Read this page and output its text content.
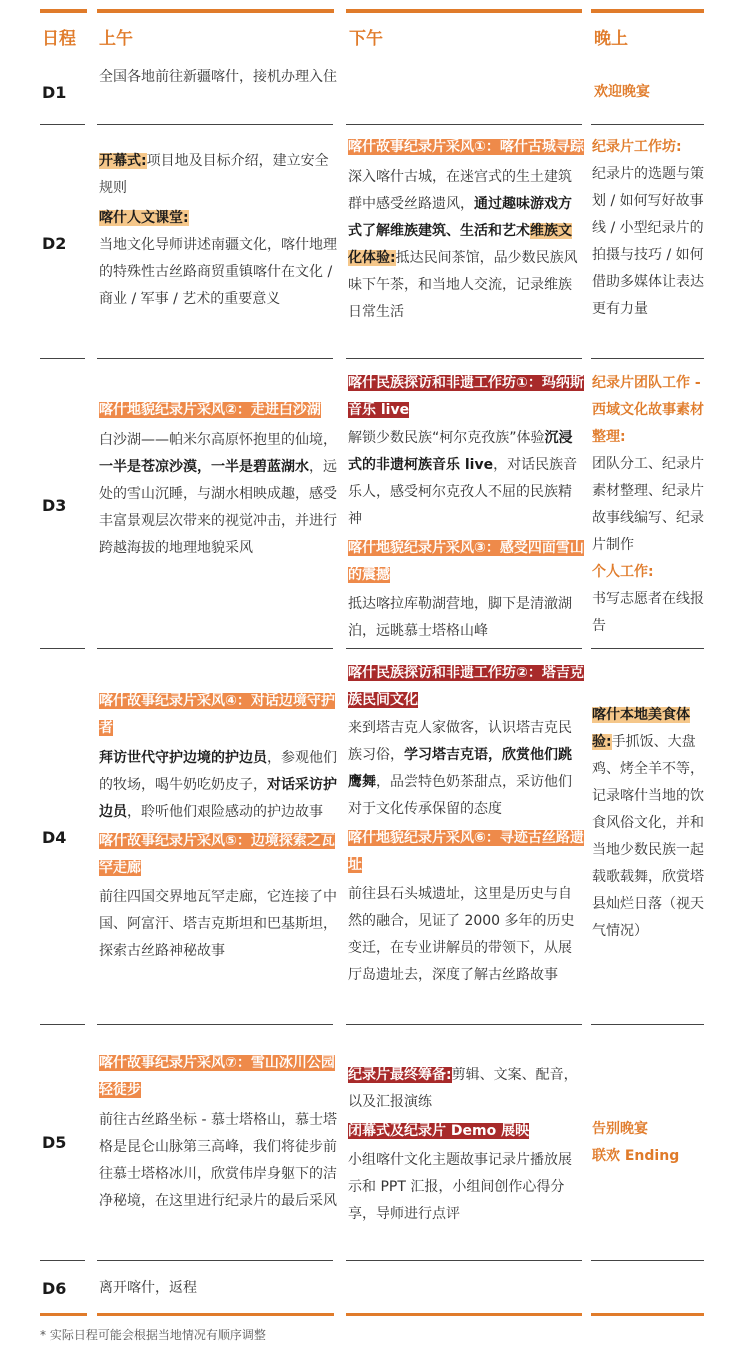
日程 上午	下午	晚上
D1
D2
D3
D4
D5
D6
全国各地前往新疆喀什，接机办理入住
欢迎晚宴

开幕式:项目地及目标介绍，建立安全规则

喀什人文课堂:

当地文化导师讲述南疆文化，喀什地理的特殊性古丝路商贸重镇喀什在文化 / 商业 / 军事 / 艺术的重要意义

喀什故事纪录片采风①：喀什古城寻踪

深入喀什古城，在迷宫式的生土建筑群中感受丝路遗风，通过趣味游戏方式了解维族建筑、生活和艺术维族文化体验:抵达民间茶馆，品少数民族风味下午茶，和当地人交流，记录维族日常生活

纪录片工作坊:

纪录片的选题与策划 / 如何写好故事线 / 小型纪录片的拍摄与技巧 / 如何借助多媒体让表达更有力量

喀什地貌纪录片采风②：走进白沙湖

白沙湖——帕米尔高原怀抱里的仙境，一半是苍凉沙漠，一半是碧蓝湖水，远处的雪山沉睡，与湖水相映成趣，感受丰富景观层次带来的视觉冲击，并进行跨越海拔的地理地貌采风

喀什民族探访和非遗工作坊①：玛纳斯音乐 live

解锁少数民族“柯尔克孜族”体验沉浸式的非遗柯族音乐 live，对话民族音乐人，感受柯尔克孜人不屈的民族精神

喀什地貌纪录片采风③：感受四面雪山的震撼

抵达喀拉库勒湖营地，脚下是清澈湖泊，远眺慕士塔格山峰

纪录片团队工作 - 西域文化故事素材整理:

团队分工、纪录片素材整理、纪录片故事线编写、纪录片制作

个人工作:

书写志愿者在线报告

喀什故事纪录片采风④：对话边境守护者

拜访世代守护边境的护边员，参观他们的牧场，喝牛奶吃奶皮子，对话采访护边员，聆听他们艰险感动的护边故事

喀什故事纪录片采风⑤：边境探索之瓦罕走廊

前往四国交界地瓦罕走廊，它连接了中国、阿富汗、塔吉克斯坦和巴基斯坦，探索古丝路神秘故事

喀什民族探访和非遗工作坊②：塔吉克族民间文化

来到塔吉克人家做客，认识塔吉克民族习俗，学习塔吉克语，欣赏他们跳鹰舞，品尝特色奶茶甜点，采访他们对于文化传承保留的态度

喀什地貌纪录片采风⑥：寻迹古丝路遗址

前往县石头城遗址，这里是历史与自然的融合，见证了 2000 多年的历史变迁，在专业讲解员的带领下，从展厅岛遗址去，深度了解古丝路故事

喀什本地美食体验:手抓饭、大盘鸡、烤全羊不等，记录喀什当地的饮食风俗文化，并和当地少数民族一起载歌载舞，欣赏塔县灿烂日落（视天气情况）

喀什故事纪录片采风⑦：雪山冰川公园轻徒步

前往古丝路坐标 - 慕士塔格山，慕士塔格是昆仑山脉第三高峰，我们将徒步前往慕士塔格冰川，欣赏伟岸身躯下的洁净秘境，在这里进行纪录片的最后采风

纪录片最终筹备:剪辑、文案、配音，以及汇报演练

闭幕式及纪录片 Demo 展映

小组喀什文化主题故事记录片播放展示和 PPT 汇报，小组间创作心得分享，导师进行点评

告别晚宴

联欢 Ending

离开喀什，返程
* 实际日程可能会根据当地情况有顺序调整
